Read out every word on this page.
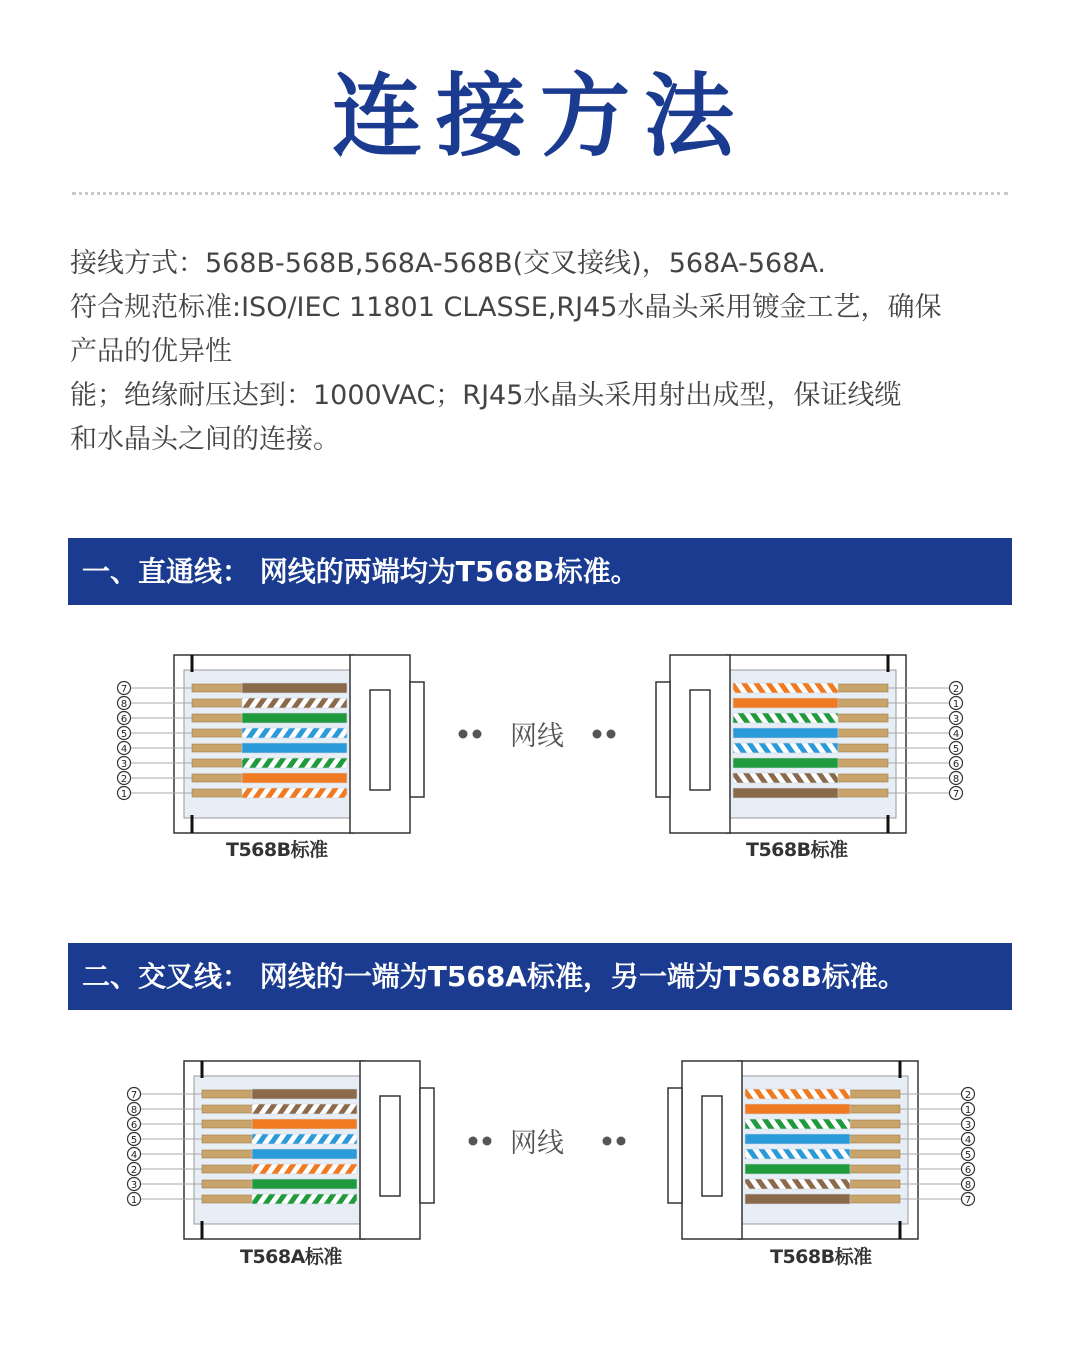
连接方法
接线方式：568B-568B,568A-568B(交叉接线)，568A-568A.
符合规范标准:ISO/IEC 11801 CLASSE,RJ45水晶头采用镀金工艺，确保
产品的优异性
能；绝缘耐压达到：1000VAC；RJ45水晶头采用射出成型，保证线缆
和水晶头之间的连接。
一、直通线： 网线的两端均为T568B标准。
7
8
6
5
4
3
2
1
T568B标准
网线
2
1
3
4
5
6
8
7
T568B标准
二、交叉线： 网线的一端为T568A标准，另一端为T568B标准。
7
8
6
5
4
2
3
1
T568A标准
网线
2
1
3
4
5
6
8
7
T568B标准
